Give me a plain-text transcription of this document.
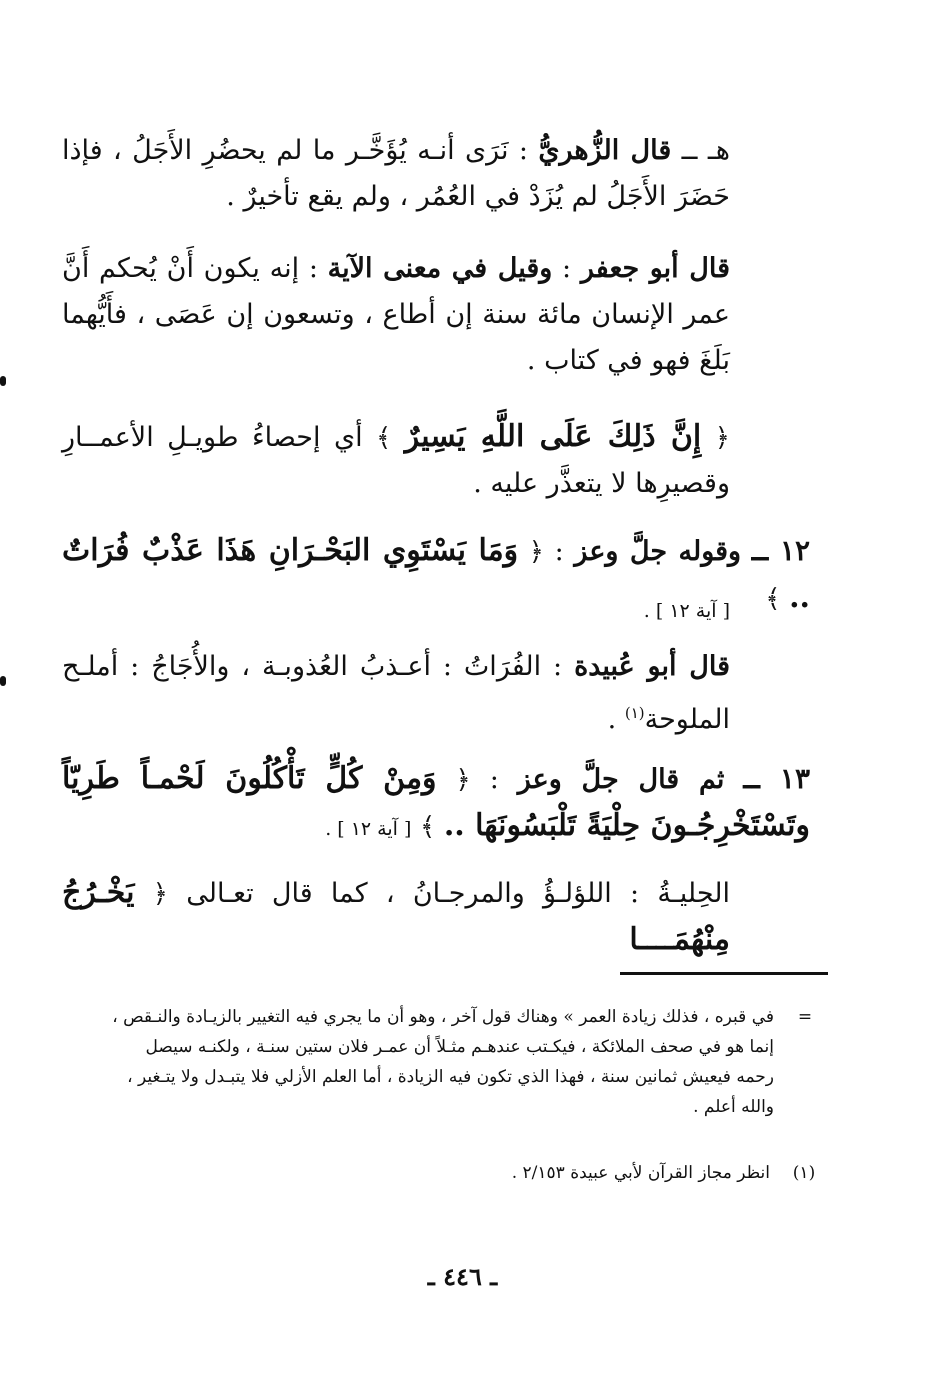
هـ ــ قال الزُّهريُّ : نَرَى أنـه يُؤَخَّـر ما لم يحضُرِ الأَجَلُ ، فإذا حَضَرَ الأَجَلُ لم يُزَدْ في العُمُر ، ولم يقع تأخيرٌ .

قال أبو جعفر : وقيل في معنى الآية : إنه يكون أَنْ يُحكم أَنَّ عمر الإنسان مائة سنة إن أطاع ، وتسعون إن عَصَى ، فأَيُّهما بَلَغَ فهو في كتاب .

﴿ إِنَّ ذَلِكَ عَلَى اللَّهِ يَسِيرٌ ﴾ أي إحصاءُ طويـلِ الأعمــارِ وقصيرِها لا يتعذَّر عليه .

١٢ ــ وقوله جلَّ وعز : ﴿ وَمَا يَسْتَوِي البَحْـرَانِ هَذَا عَذْبٌ فُرَاتٌ .. ﴾

[ آية ١٢ ] .

قال أبو عُبيدة : الفُرَاتُ : أعـذبُ العُذوبـة ، والأُجَاجُ : أملـح الملوحة$^{(١)}$ .

١٣ ــ ثم قال جلَّ وعز : ﴿ وَمِنْ كُلٍّ تَأْكُلُونَ لَحْمـاً طَرِيّاً وتَسْتَخْرِجُـونَ حِلْيَةً تَلْبَسُونَهَا .. ﴾ [ آية ١٢ ] .

الحِليـةُ : اللؤلـؤُ والمرجـانُ ، كما قال تعـالى ﴿ يَخْـرُجُ مِنْهُمَــــا

في قبره ، فذلك زيادة العمر » وهناك قول آخر ، وهو أن ما يجري فيه التغيير بالزيـادة والنـقص ،
إنما هو في صحف الملائكة ، فيكـتب عندهـم مثـلاً أن عمـر فلان ستين سنـة ، ولكنـه سيصل
رحمه فيعيش ثمانين سنة ، فهذا الذي تكون فيه الزيادة ، أما العلم الأزلي فلا يتبـدل ولا يتـغير ،
والله أعلم .
=
انظر مجاز القرآن لأبي عبيدة ٢/١٥٣ .	(١)
ـ ٤٤٦ ـ
